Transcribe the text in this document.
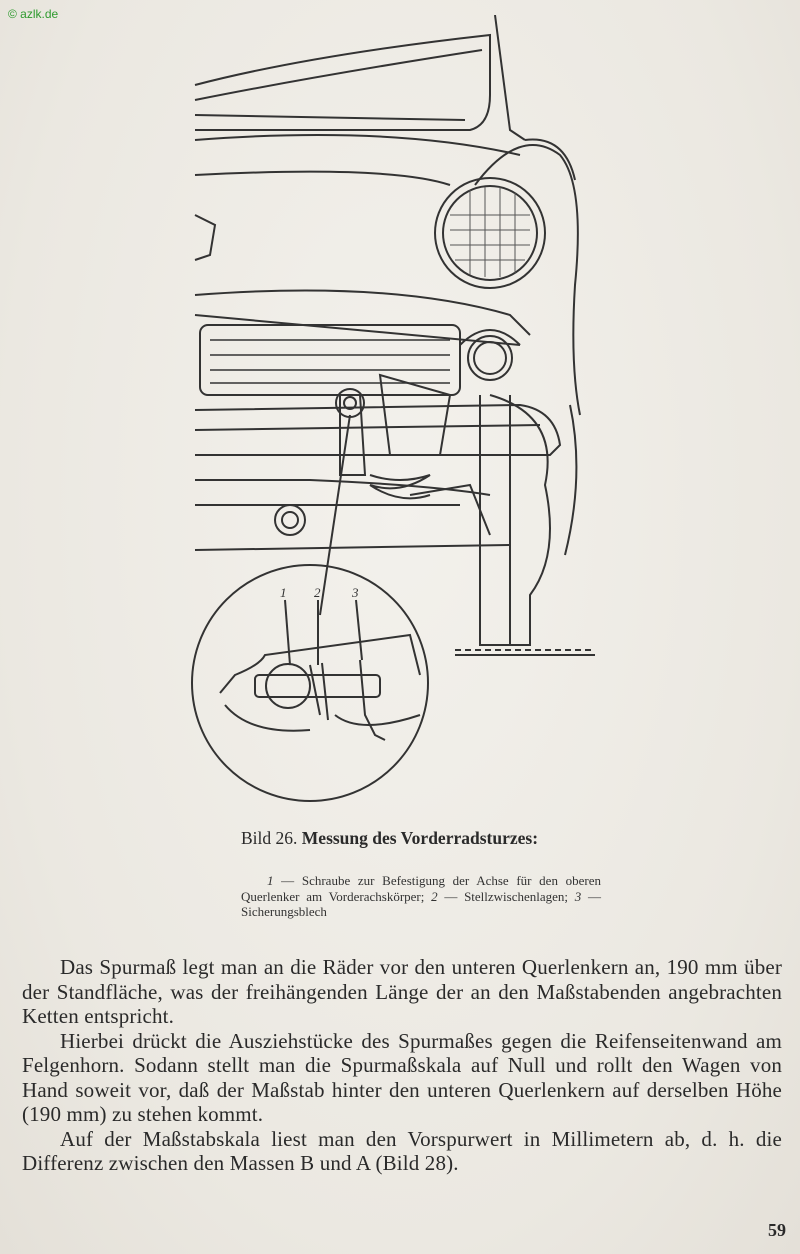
© azlk.de
1 2 3
Bild 26. Messung des Vorderradsturzes:
1 — Schraube zur Befestigung der Achse für den oberen Querlenker am Vorderachskörper; 2 — Stellzwischenlagen; 3 — Sicherungsblech

Das Spurmaß legt man an die Räder vor den unteren Querlenkern an, 190 mm über der Standfläche, was der freihängenden Länge der an den Maßstabenden angebrachten Ketten entspricht.

Hierbei drückt die Ausziehstücke des Spurmaßes gegen die Reifenseitenwand am Felgenhorn. Sodann stellt man die Spurmaßskala auf Null und rollt den Wagen von Hand soweit vor, daß der Maßstab hinter den unteren Querlenkern auf derselben Höhe (190 mm) zu stehen kommt.

Auf der Maßstabskala liest man den Vorspurwert in Millimetern ab, d. h. die Differenz zwischen den Massen B und A (Bild 28).

59
